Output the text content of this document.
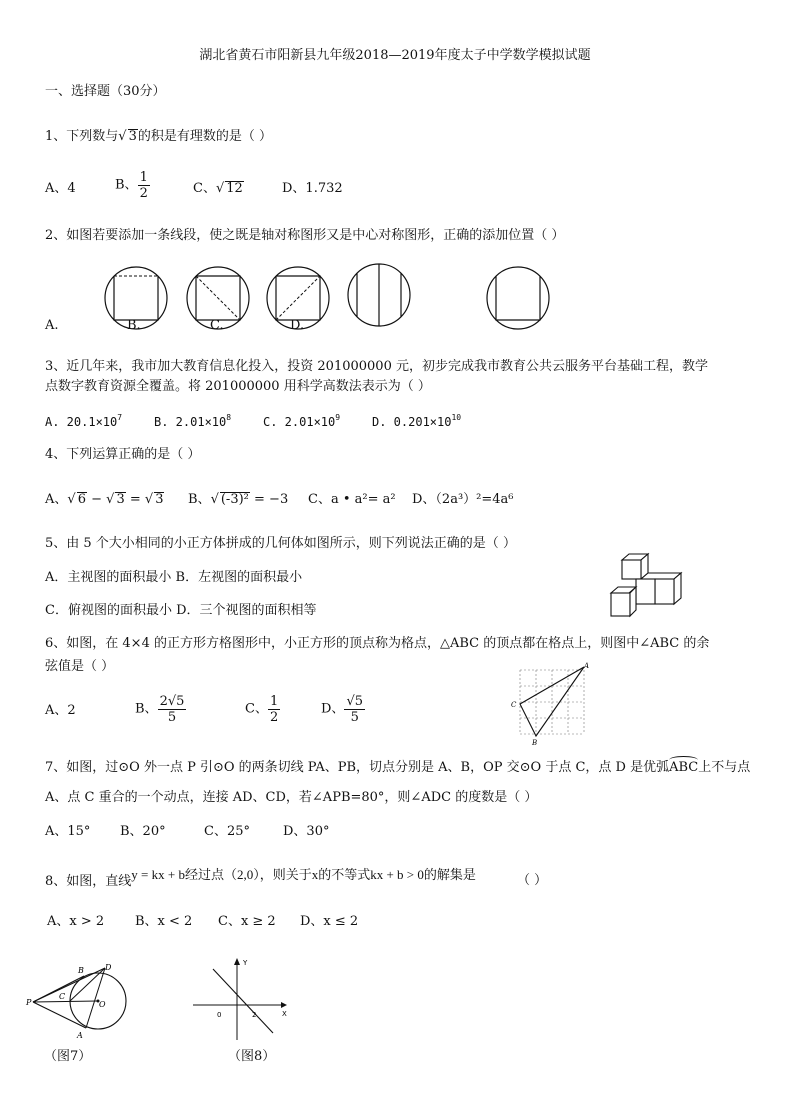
湖北省黄石市阳新县九年级2018—2019年度太子中学数学模拟试题
一、选择题（30分）
1、下列数与√ 3的积是有理数的是（ ）
A、4	B、 $\frac{1}{2}$	C、√ 12	D、1.732
2、如图若要添加一条线段，使之既是轴对称图形又是中心对称图形，正确的添加位置（ ）
A.	B.	C.	D.
3、近几年来，我市加大教育信息化投入，投资 201000000 元，初步完成我市教育公共云服务平台基础工程，教学
点数字教育资源全覆盖。将 201000000 用科学高数法表示为（ ）
A. $20.1\times 10^7$	B. $2.01\times 10^8$	C. $2.01\times 10^9$	D. $0.201\times 10^{10}$
4、下列运算正确的是（ ）
A、√ 6 − √ 3 = √ 3 B、√ (-3)² = −3 C、a • a²= a² D、（2a³）²=4a⁶
5、由 5 个大小相同的小正方体拼成的几何体如图所示，则下列说法正确的是（ ）
A．主视图的面积最小 B．左视图的面积最小
C．俯视图的面积最小 D．三个视图的面积相等
6、如图，在 4×4 的正方形方格图形中，小正方形的顶点称为格点，△ABC 的顶点都在格点上，则图中∠ABC 的余
弦值是（ ）
A、2	B、 $\frac{2√5}{5}$	C、 $\frac{1}{2}$	D、 $\frac{√5}{5}$
A
C
B
7、如图，过⊙O 外一点 P 引⊙O 的两条切线 PA、PB，切点分别是 A、B，OP 交⊙O 于点 C，点 D 是优弧ABC上不与点
A、点 C 重合的一个动点，连接 AD、CD，若∠APB=80°，则∠ADC 的度数是（ ）
A、15° B、20°	C、25°	D、30°
8、如图，直线y = kx + b经过点（2,0），则关于x的不等式kx + b > 0的解集是	（ ）
A、x > 2 B、x < 2 C、x ≥ 2 D、x ≤ 2
P
B	D
C
O
A
（图7）
Y
X
0	2
（图8）
